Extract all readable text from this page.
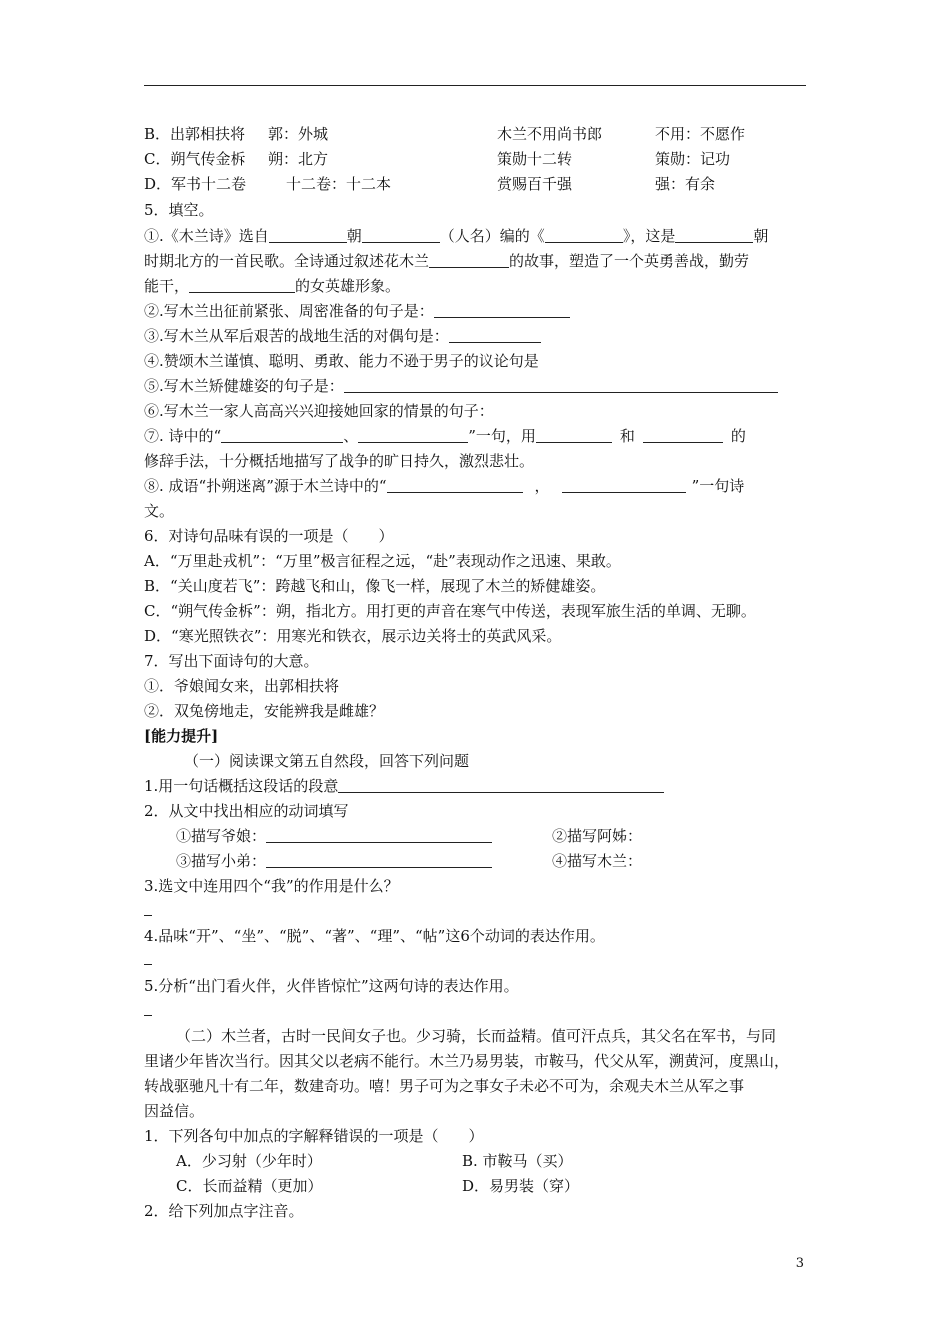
B．出郭相扶将 郭：外城	木兰不用尚书郎	不用：不愿作
C．朔气传金柝 朔：北方	策勋十二转	策勋：记功
D．军书十二卷	十二卷：十二本	赏赐百千强	强：有余
5．填空。
①.《木兰诗》选自	朝	（人名）编的《	》，这是	朝
时期北方的一首民歌。全诗通过叙述花木兰	的故事，塑造了一个英勇善战，勤劳
能干，	的女英雄形象。
②.写木兰出征前紧张、周密准备的句子是：
③.写木兰从军后艰苦的战地生活的对偶句是：
④.赞颂木兰谨慎、聪明、勇敢、能力不逊于男子的议论句是
⑤.写木兰矫健雄姿的句子是：
⑥.写木兰一家人高高兴兴迎接她回家的情景的句子：
⑦. 诗中的“	、	”一句，用	和	的
修辞手法，十分概括地描写了战争的旷日持久，激烈悲壮。
⑧. 成语“扑朔迷离”源于木兰诗中的“	，	”一句诗
文。
6．对诗句品味有误的一项是（　　）
A．“万里赴戎机”：“万里”极言征程之远，“赴”表现动作之迅速、果敢。
B．“关山度若飞”：跨越飞和山，像飞一样，展现了木兰的矫健雄姿。
C．“朔气传金柝”：朔，指北方。用打更的声音在寒气中传送，表现军旅生活的单调、无聊。
D．“寒光照铁衣”：用寒光和铁衣，展示边关将士的英武风采。
7．写出下面诗句的大意。
①．爷娘闻女来，出郭相扶将
②．双兔傍地走，安能辨我是雌雄？
[能力提升]
（一）阅读课文第五自然段，回答下列问题
1.用一句话概括这段话的段意
2．从文中找出相应的动词填写
①描写爷娘：	②描写阿姊：
③描写小弟：	④描写木兰：
3.选文中连用四个“我”的作用是什么？
4.品味“开”、“坐”、“脱”、“著”、“理”、“帖”这6个动词的表达作用。
5.分析“出门看火伴，火伴皆惊忙”这两句诗的表达作用。
（二）木兰者，古时一民间女子也。少习骑，长而益精。值可汗点兵，其父名在军书，与同
里诸少年皆次当行。因其父以老病不能行。木兰乃易男装，市鞍马，代父从军，溯黄河，度黑山，
转战驱驰凡十有二年，数建奇功。嘻！男子可为之事女子未必不可为，余观夫木兰从军之事
因益信。
1．下列各句中加点的字解释错误的一项是（　　）
A．少习射（少年时）	B. 市鞍马（买）
C．长而益精（更加）	D．易男装（穿）
2．给下列加点字注音。
3
